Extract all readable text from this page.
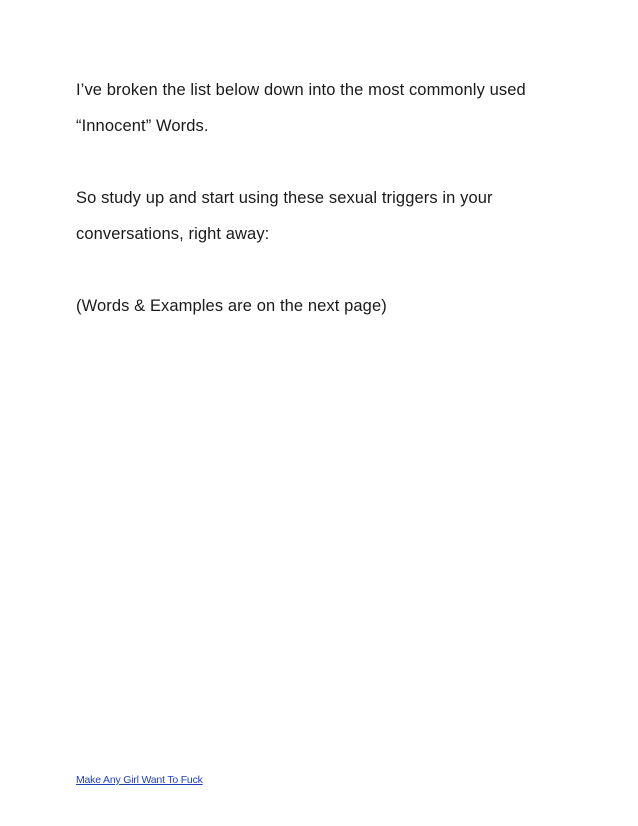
I’ve broken the list below down into the most commonly used “Innocent” Words.

So study up and start using these sexual triggers in your conversations, right away:

(Words & Examples are on the next page)

Make Any Girl Want To Fuck
